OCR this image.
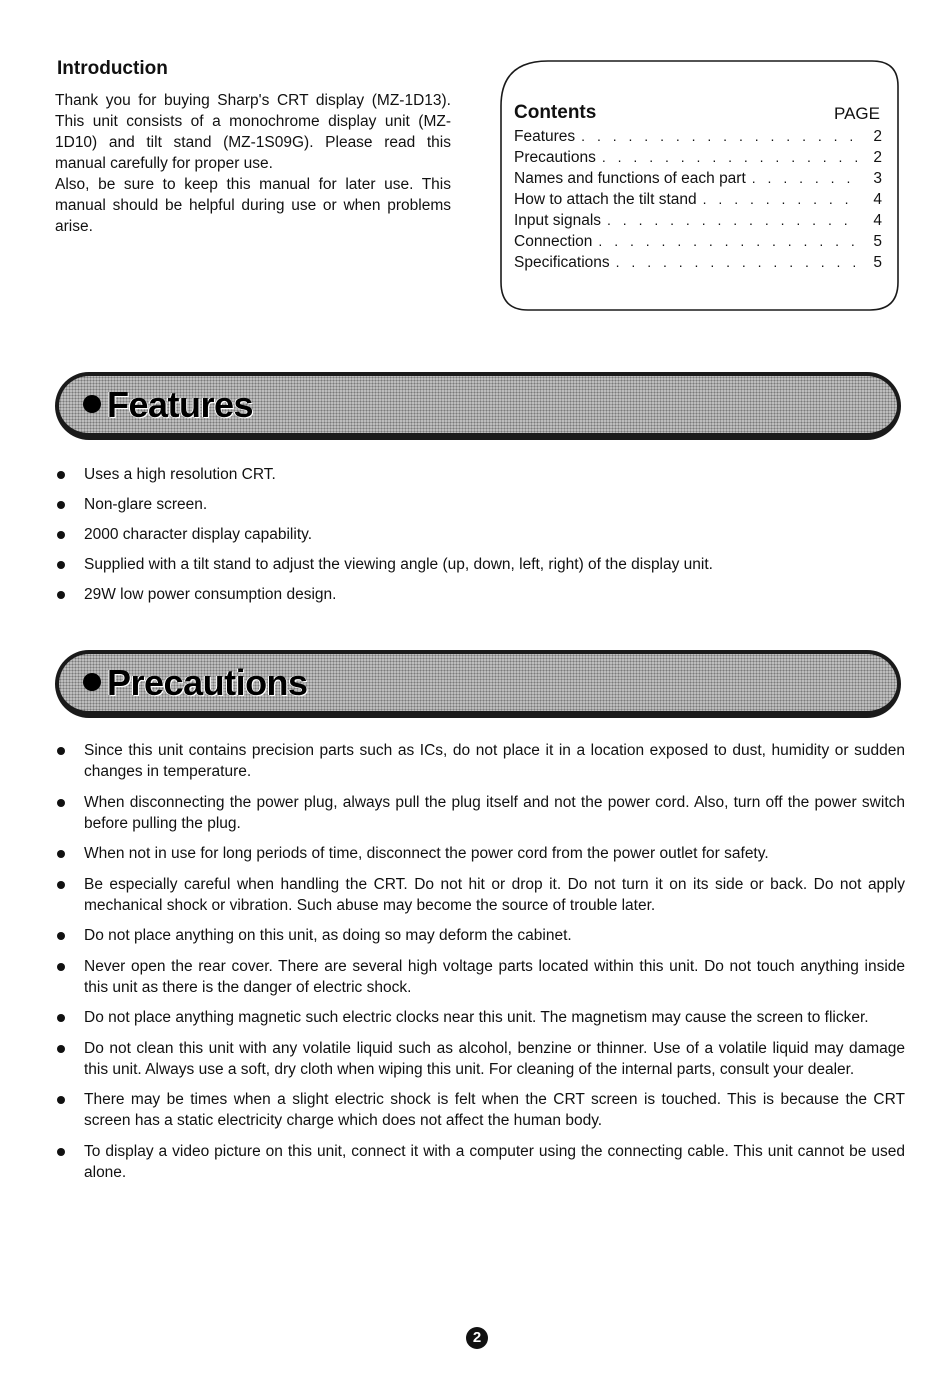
Introduction

Thank you for buying Sharp's CRT display (MZ-1D13). This unit consists of a monochrome display unit (MZ-1D10) and tilt stand (MZ-1S09G). Please read this manual carefully for proper use.

Also, be sure to keep this manual for later use. This manual should be helpful during use or when problems arise.

Contents	PAGE
Features . . .	2
Precautions . . .	2
Names and functions of each part . . .	3
How to attach the tilt stand . . .	4
Input signals . . .	4
Connection . . .	5
Specifications . . .	5
Features
Uses a high resolution CRT.
Non-glare screen.
2000 character display capability.
Supplied with a tilt stand to adjust the viewing angle (up, down, left, right) of the display unit.
29W low power consumption design.
Precautions
Since this unit contains precision parts such as ICs, do not place it in a location exposed to dust, humidity or sudden changes in temperature.
When disconnecting the power plug, always pull the plug itself and not the power cord. Also, turn off the power switch before pulling the plug.
When not in use for long periods of time, disconnect the power cord from the power outlet for safety.
Be especially careful when handling the CRT. Do not hit or drop it. Do not turn it on its side or back. Do not apply mechanical shock or vibration. Such abuse may become the source of trouble later.
Do not place anything on this unit, as doing so may deform the cabinet.
Never open the rear cover. There are several high voltage parts located within this unit. Do not touch anything inside this unit as there is the danger of electric shock.
Do not place anything magnetic such electric clocks near this unit. The magnetism may cause the screen to flicker.
Do not clean this unit with any volatile liquid such as alcohol, benzine or thinner. Use of a volatile liquid may damage this unit. Always use a soft, dry cloth when wiping this unit. For cleaning of the internal parts, consult your dealer.
There may be times when a slight electric shock is felt when the CRT screen is touched. This is because the CRT screen has a static electricity charge which does not affect the human body.
To display a video picture on this unit, connect it with a computer using the connecting cable. This unit cannot be used alone.
2
